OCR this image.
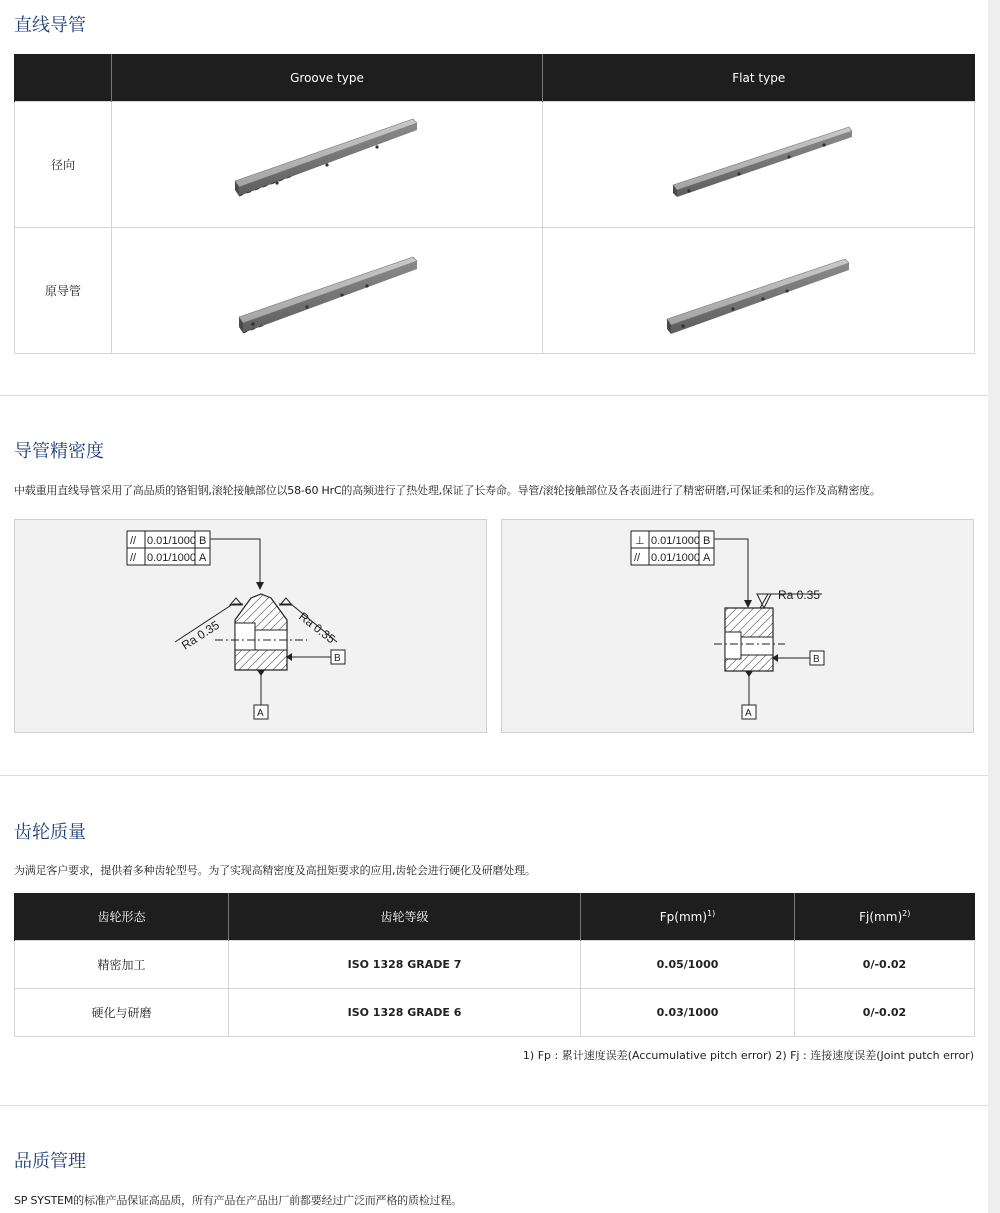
直线导管
	Groove type	Flat type
径向		
原导管		
导管精密度

中载重用直线导管采用了高品质的铬钼钢,滚轮接触部位以58-60 HrC的高频进行了热处理,保证了长寿命。导管/滚轮接触部位及各表面进行了精密研磨,可保证柔和的运作及高精密度。

// 0.01/1000 B
// 0.01/1000 A
Ra 0.35	Ra 0.35
B
A
⊥ 0.01/1000 B
// 0.01/1000 A
Ra 0.35
B
A
齿轮质量

为满足客户要求，提供着多种齿轮型号。为了实现高精密度及高扭矩要求的应用,齿轮会进行硬化及研磨处理。

齿轮形态	齿轮等级	Fp(mm)$^{1)}$	Fj(mm)$^{2)}$
精密加工	ISO 1328 GRADE 7	0.05/1000	0/-0.02
硬化与研磨	ISO 1328 GRADE 6	0.03/1000	0/-0.02

1) Fp : 累计速度误差(Accumulative pitch error) 2) Fj : 连接速度误差(Joint putch error)

品质管理

SP SYSTEM的标准产品保证高品质，所有产品在产品出厂前都要经过广泛而严格的质检过程。
